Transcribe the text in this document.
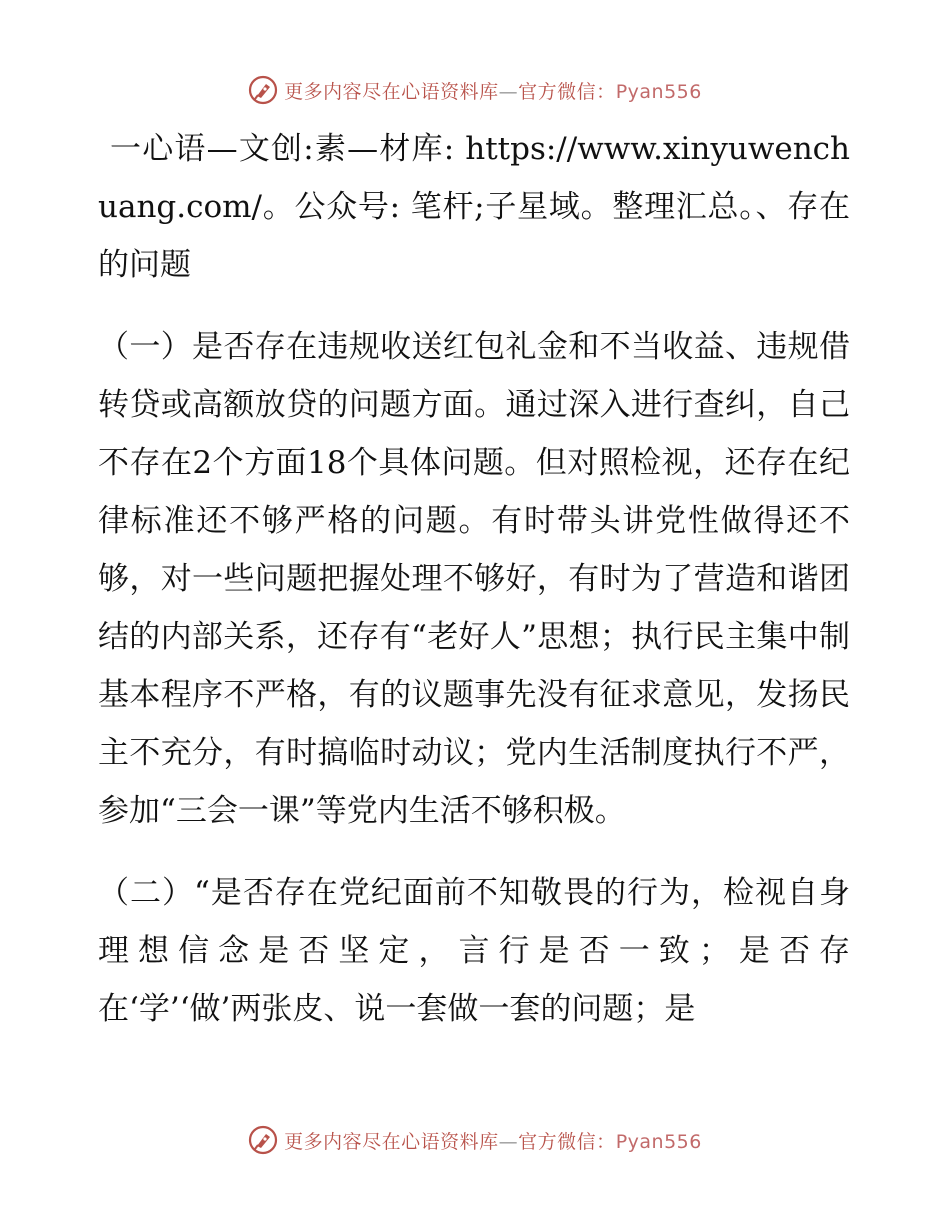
更多内容尽在心语资料库—官方微信：Pyan556

一心语—文创:素—材库: https://www.xinyuwenchuang.com/。公众号: 笔杆;子星域。整理汇总。、存在的问题

（一）是否存在违规收送红包礼金和不当收益、违规借转贷或高额放贷的问题方面。通过深入进行查纠，自己不存在2个方面18个具体问题。但对照检视，还存在纪律标准还不够严格的问题。有时带头讲党性做得还不够，对一些问题把握处理不够好，有时为了营造和谐团结的内部关系，还存有“老好人”思想；执行民主集中制基本程序不严格，有的议题事先没有征求意见，发扬民主不充分，有时搞临时动议；党内生活制度执行不严，参加“三会一课”等党内生活不够积极。

（二）“是否存在党纪面前不知敬畏的行为，检视自身理想信念是否坚定，言行是否一致；是否存在‘学’‘做’两张皮、说一套做一套的问题；是

更多内容尽在心语资料库—官方微信：Pyan556
